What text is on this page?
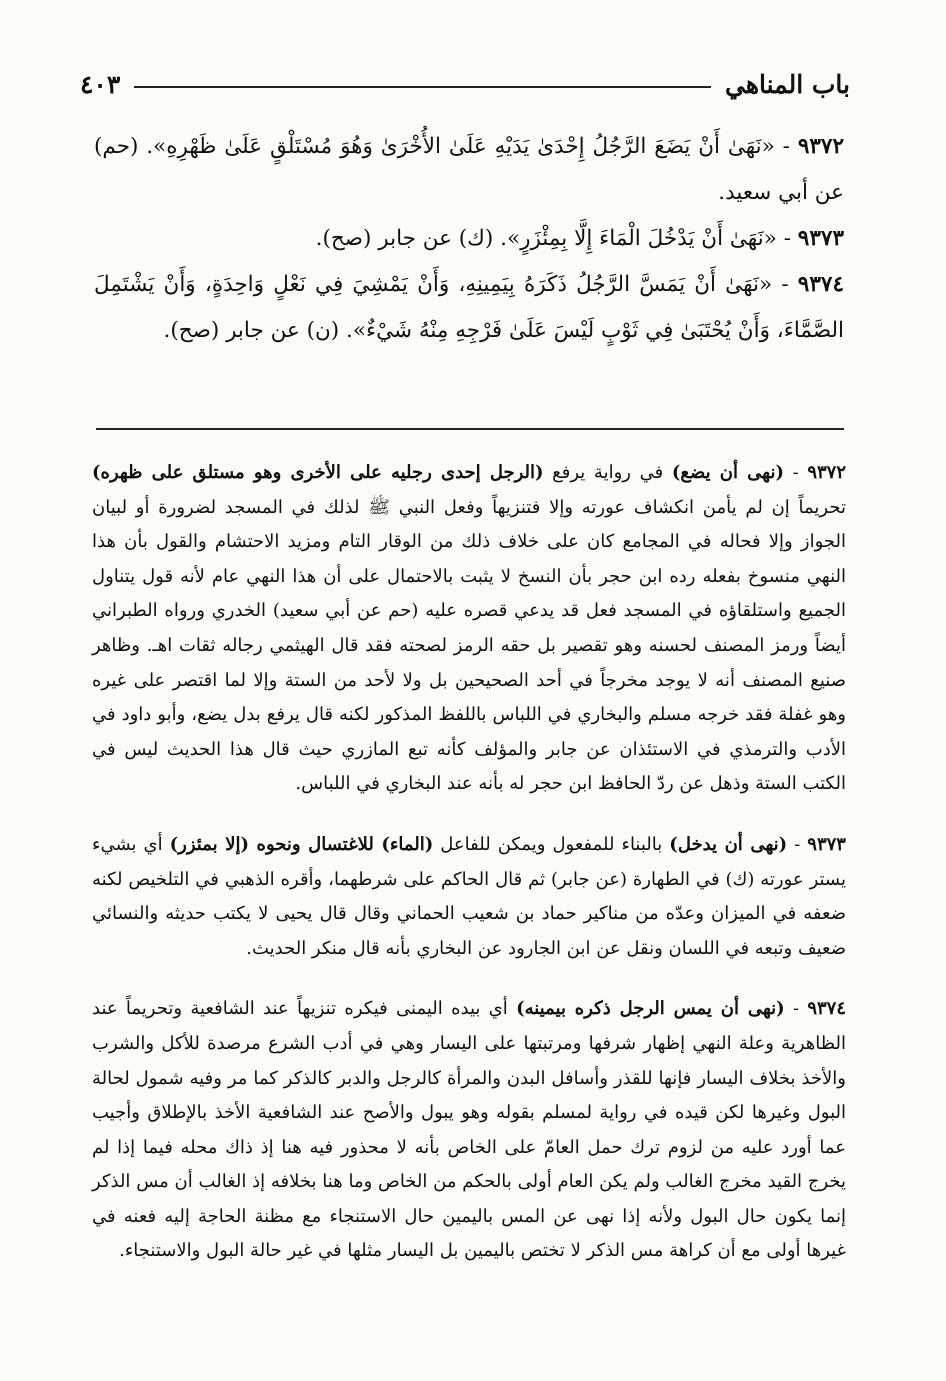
٤٠٣	باب المناهي

٩٣٧٢ - «نَهَىٰ أَنْ يَضَعَ الرَّجُلُ إِحْدَىٰ يَدَيْهِ عَلَىٰ الأُخْرَىٰ وَهُوَ مُسْتَلْقٍ عَلَىٰ ظَهْرِهِ». (حم) عن أبي سعيد.

٩٣٧٣ - «نَهَىٰ أَنْ يَدْخُلَ الْمَاءَ إِلَّا بِمِئْزَرٍ». (ك) عن جابر (صح).

٩٣٧٤ - «نَهَىٰ أَنْ يَمَسَّ الرَّجُلُ ذَكَرَهُ بِيَمِينِهِ، وَأَنْ يَمْشِيَ فِي نَعْلٍ وَاحِدَةٍ، وَأَنْ يَشْتَمِلَ الصَّمَّاءَ، وَأَنْ يُحْتَبَىٰ فِي ثَوْبٍ لَيْسَ عَلَىٰ فَرْجِهِ مِنْهُ شَيْءٌ». (ن) عن جابر (صح).

٩٣٧٢ - (نهى أن يضع) في رواية يرفع (الرجل إحدى رجليه على الأخرى وهو مستلق على ظهره) تحريماً إن لم يأمن انكشاف عورته وإلا فتنزيهاً وفعل النبي ﷺ لذلك في المسجد لضرورة أو لبيان الجواز وإلا فحاله في المجامع كان على خلاف ذلك من الوقار التام ومزيد الاحتشام والقول بأن هذا النهي منسوخ بفعله رده ابن حجر بأن النسخ لا يثبت بالاحتمال على أن هذا النهي عام لأنه قول يتناول الجميع واستلقاؤه في المسجد فعل قد يدعي قصره عليه (حم عن أبي سعيد) الخدري ورواه الطبراني أيضاً ورمز المصنف لحسنه وهو تقصير بل حقه الرمز لصحته فقد قال الهيثمي رجاله ثقات اهـ. وظاهر صنيع المصنف أنه لا يوجد مخرجاً في أحد الصحيحين بل ولا لأحد من الستة وإلا لما اقتصر على غيره وهو غفلة فقد خرجه مسلم والبخاري في اللباس باللفظ المذكور لكنه قال يرفع بدل يضع، وأبو داود في الأدب والترمذي في الاستئذان عن جابر والمؤلف كأنه تبع المازري حيث قال هذا الحديث ليس في الكتب الستة وذهل عن ردّ الحافظ ابن حجر له بأنه عند البخاري في اللباس.

٩٣٧٣ - (نهى أن يدخل) بالبناء للمفعول ويمكن للفاعل (الماء) للاغتسال ونحوه (إلا بمئزر) أي بشيء يستر عورته (ك) في الطهارة (عن جابر) ثم قال الحاكم على شرطهما، وأقره الذهبي في التلخيص لكنه ضعفه في الميزان وعدّه من مناكير حماد بن شعيب الحماني وقال قال يحيى لا يكتب حديثه والنسائي ضعيف وتبعه في اللسان ونقل عن ابن الجارود عن البخاري بأنه قال منكر الحديث.

٩٣٧٤ - (نهى أن يمس الرجل ذكره بيمينه) أي بيده اليمنى فيكره تنزيهاً عند الشافعية وتحريماً عند الظاهرية وعلة النهي إظهار شرفها ومرتبتها على اليسار وهي في أدب الشرع مرصدة للأكل والشرب والأخذ بخلاف اليسار فإنها للقذر وأسافل البدن والمرأة كالرجل والدبر كالذكر كما مر وفيه شمول لحالة البول وغيرها لكن قيده في رواية لمسلم بقوله وهو يبول والأصح عند الشافعية الأخذ بالإطلاق وأجيب عما أورد عليه من لزوم ترك حمل العامّ على الخاص بأنه لا محذور فيه هنا إذ ذاك محله فيما إذا لم يخرج القيد مخرج الغالب ولم يكن العام أولى بالحكم من الخاص وما هنا بخلافه إذ الغالب أن مس الذكر إنما يكون حال البول ولأنه إذا نهى عن المس باليمين حال الاستنجاء مع مظنة الحاجة إليه فعنه في غيرها أولى مع أن كراهة مس الذكر لا تختص باليمين بل اليسار مثلها في غير حالة البول والاستنجاء.
